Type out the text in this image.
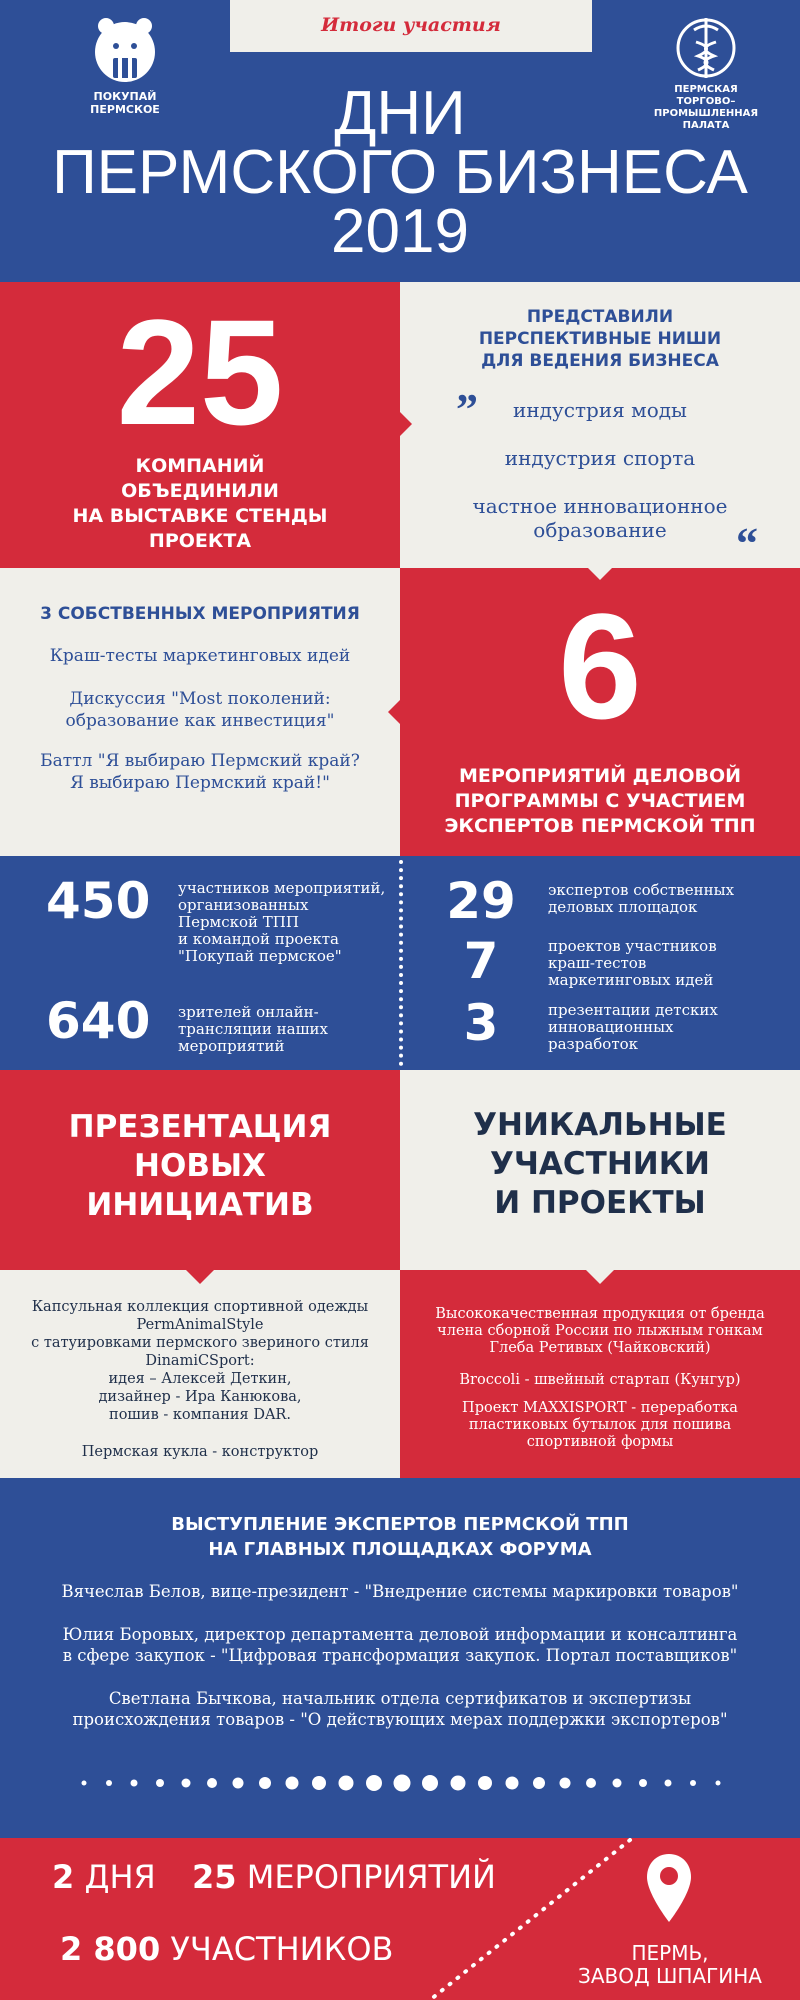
Итоги участия
ПОКУПАЙ
ПЕРМСКОЕ
ПЕРМСКАЯ
ТОРГОВО–ПРОМЫШЛЕННАЯ
ПАЛАТА
ДНИ
ПЕРМСКОГО БИЗНЕСА
2019
25
КОМПАНИЙ
ОБЪЕДИНИЛИ
НА ВЫСТАВКЕ СТЕНДЫ
ПРОЕКТА
ПРЕДСТАВИЛИ
ПЕРСПЕКТИВНЫЕ НИШИ
ДЛЯ ВЕДЕНИЯ БИЗНЕСА
”	индустрия моды
индустрия спорта
частное инновационное
образование	“
3 СОБСТВЕННЫХ МЕРОПРИЯТИЯ
Краш-тесты маркетинговых идей
Дискуссия "Most поколений:
образование как инвестиция"
Баттл "Я выбираю Пермский край?
Я выбираю Пермский край!"
6
МЕРОПРИЯТИЙ ДЕЛОВОЙ
ПРОГРАММЫ С УЧАСТИЕМ
ЭКСПЕРТОВ ПЕРМСКОЙ ТПП
450 участников мероприятий,
организованных
Пермской ТПП
и командой проекта
"Покупай пермское"
640 зрителей онлайн-
трансляции наших
мероприятий
29	экспертов собственных
деловых площадок
7	проектов участников
краш-тестов
маркетинговых идей
3	презентации детских
инновационных
разработок
ПРЕЗЕНТАЦИЯ
НОВЫХ
ИНИЦИАТИВ
УНИКАЛЬНЫЕ
УЧАСТНИКИ
И ПРОЕКТЫ
Капсульная коллекция спортивной одежды
PermAnimalStyle
с татуировками пермского звериного стиля
DinamiCSport:
идея – Алексей Деткин,
дизайнер - Ира Канюкова,
пошив - компания DAR.
Пермская кукла - конструктор
Высококачественная продукция от бренда
члена сборной России по лыжным гонкам
Глеба Ретивых (Чайковский)
Broccoli - швейный стартап (Кунгур)
Проект MAXXISPORT - переработка
пластиковых бутылок для пошива
спортивной формы
ВЫСТУПЛЕНИЕ ЭКСПЕРТОВ ПЕРМСКОЙ ТПП
НА ГЛАВНЫХ ПЛОЩАДКАХ ФОРУМА
Вячеслав Белов, вице-президент - "Внедрение системы маркировки товаров"
Юлия Боровых, директор департамента деловой информации и консалтинга
в сфере закупок - "Цифровая трансформация закупок. Портал поставщиков"
Светлана Бычкова, начальник отдела сертификатов и экспертизы
происхождения товаров - "О действующих мерах поддержки экспортеров"
2 ДНЯ 25 МЕРОПРИЯТИЙ
2 800 УЧАСТНИКОВ	ПЕРМЬ,
ЗАВОД ШПАГИНА
